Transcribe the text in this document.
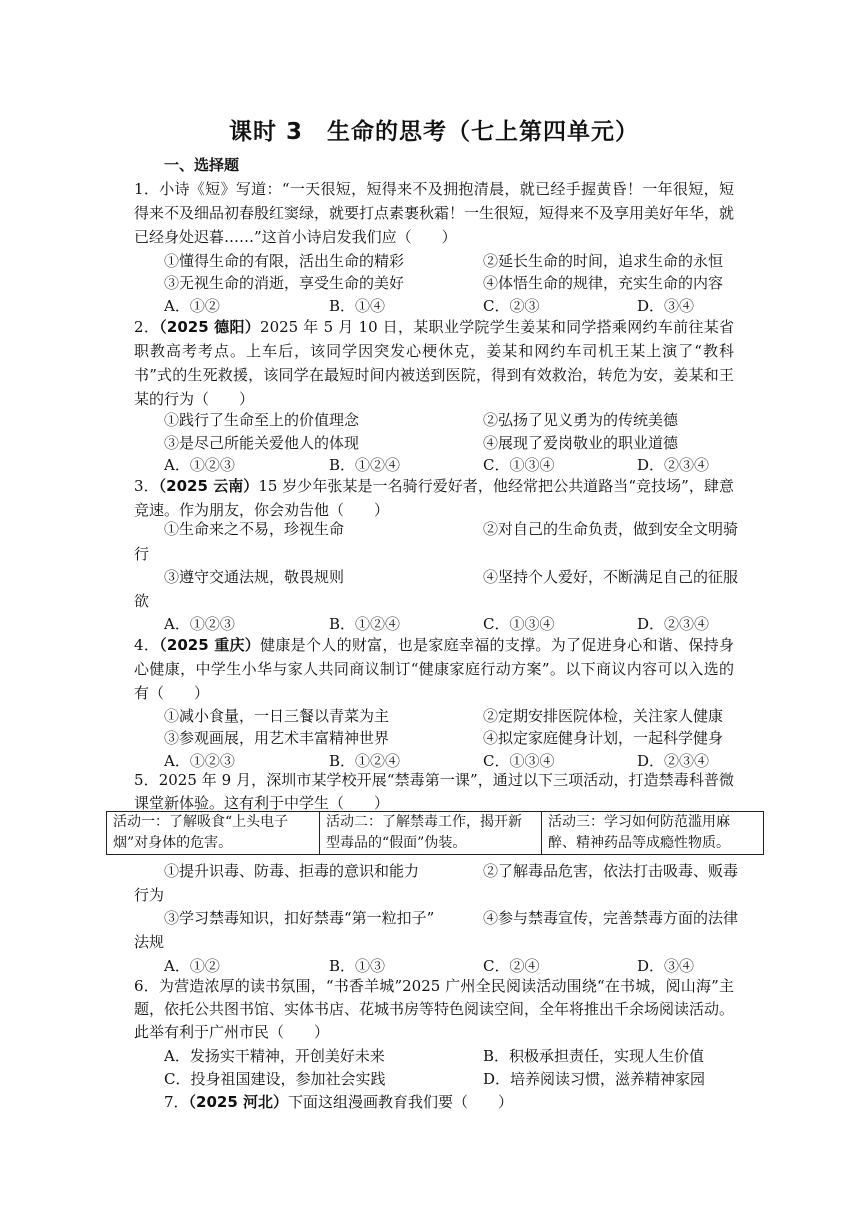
课时 3　生命的思考（七上第四单元）
一、选择题
1．小诗《短》写道：“一天很短，短得来不及拥抱清晨，就已经手握黄昏！一年很短，短得来不及细品初春殷红窦绿，就要打点素裹秋霜！一生很短，短得来不及享用美好年华，就已经身处迟暮……”这首小诗启发我们应（　　）
①懂得生命的有限，活出生命的精彩	②延长生命的时间，追求生命的永恒
③无视生命的消逝，享受生命的美好	④体悟生命的规律，充实生命的内容
A．①②	B．①④	C．②③	D．③④
2．（2025 德阳）2025 年 5 月 10 日，某职业学院学生姜某和同学搭乘网约车前往某省职教高考考点。上车后，该同学因突发心梗休克，姜某和网约车司机王某上演了“教科书”式的生死救援，该同学在最短时间内被送到医院，得到有效救治，转危为安，姜某和王某的行为（　　）
①践行了生命至上的价值理念	②弘扬了见义勇为的传统美德
③是尽己所能关爱他人的体现	④展现了爱岗敬业的职业道德
A．①②③	B．①②④	C．①③④	D．②③④
3．（2025 云南）15 岁少年张某是一名骑行爱好者，他经常把公共道路当“竞技场”，肆意竞速。作为朋友，你会劝告他（　　）
①生命来之不易，珍视生命	②对自己的生命负责，做到安全文明骑
行
③遵守交通法规，敬畏规则	④坚持个人爱好，不断满足自己的征服
欲
A．①②③	B．①②④	C．①③④	D．②③④
4．（2025 重庆）健康是个人的财富，也是家庭幸福的支撑。为了促进身心和谐、保持身心健康，中学生小华与家人共同商议制订“健康家庭行动方案”。以下商议内容可以入选的有（　　）
①减小食量，一日三餐以青菜为主	②定期安排医院体检，关注家人健康
③参观画展，用艺术丰富精神世界	④拟定家庭健身计划，一起科学健身
A．①②③	B．①②④	C．①③④	D．②③④
5．2025 年 9 月，深圳市某学校开展“禁毒第一课”，通过以下三项活动，打造禁毒科普微课堂新体验。这有利于中学生（　　）
活动一：了解吸食“上头电子烟”对身体的危害。
活动二：了解禁毒工作，揭开新型毒品的“假面”伪装。
活动三：学习如何防范滥用麻醉、精神药品等成瘾性物质。
①提升识毒、防毒、拒毒的意识和能力	②了解毒品危害，依法打击吸毒、贩毒
行为
③学习禁毒知识，扣好禁毒“第一粒扣子”	④参与禁毒宣传，完善禁毒方面的法律
法规
A．①②	B．①③	C．②④	D．③④
6．为营造浓厚的读书氛围，“书香羊城”2025 广州全民阅读活动围绕“在书城，阅山海”主题，依托公共图书馆、实体书店、花城书房等特色阅读空间，全年将推出千余场阅读活动。此举有利于广州市民（　　）
A．发扬实干精神，开创美好未来	B．积极承担责任，实现人生价值
C．投身祖国建设，参加社会实践	D．培养阅读习惯，滋养精神家园
7．（2025 河北）下面这组漫画教育我们要（　　）
